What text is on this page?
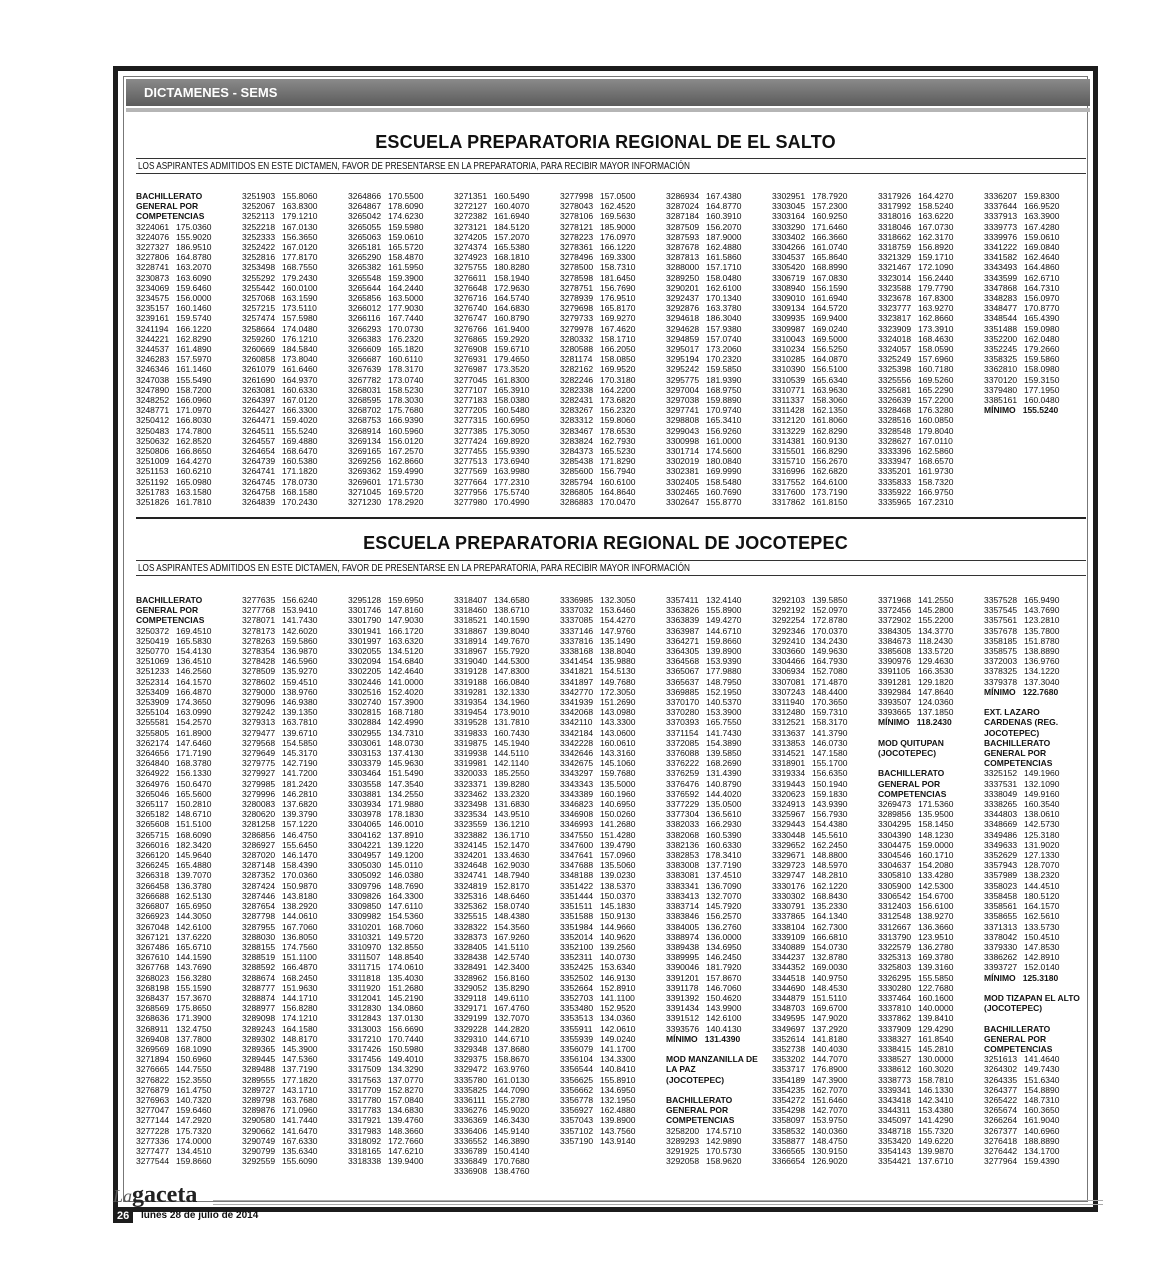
DICTAMENES - SEMS
ESCUELA PREPARATORIA REGIONAL DE EL SALTO
LOS ASPIRANTES ADMITIDOS EN ESTE DICTAMEN, FAVOR DE PRESENTARSE EN LA PREPARATORIA, PARA RECIBIR MAYOR INFORMACIÓN
BACHILLERATO
GENERAL POR
COMPETENCIAS
3224061 175.0360
3224076 155.9020
3227327 186.9510
3227806 164.8780
3228741 163.2070
3230873 163.6090
3234069 159.6460
3234575 156.0000
3235157 160.1460
3239161 159.5740
3241194 166.1220
3244221 162.8290
3244537 161.4890
3246283 157.5970
3246346 161.1460
3247038 155.5490
3247890 158.7200
3248252 166.0960
3248771 171.0970
3250412 166.8030
3250483 174.7800
3250632 162.8520
3250806 166.8650
3251009 164.4270
3251153 160.6210
3251192 165.0980
3251783 163.1580
3251826 161.7810
3251903 155.8060
3252067 163.8300
3252113 179.1210
3252218 167.0130
3252333 156.3650
3252422 167.0120
3252816 177.8170
3253498 168.7550
3255292 179.2430
3255442 160.0100
3257068 163.1590
3257215 173.5110
3257474 157.5980
3258664 174.0480
3259260 176.1210
3260669 184.5840
3260858 173.8040
3261079 161.6460
3261690 164.9370
3263081 160.6330
3264397 167.0120
3264427 166.3300
3264471 159.4020
3264511 155.5240
3264557 169.4880
3264654 168.6470
3264739 160.5380
3264741 171.1820
3264745 178.0730
3264758 168.1580
3264839 170.2430
3264866 170.5500
3264867 178.6090
3265042 174.6230
3265055 159.5980
3265063 159.0610
3265181 165.5720
3265290 158.4870
3265382 161.5950
3265548 159.3900
3265644 164.2440
3265856 163.5000
3266012 177.9030
3266116 167.7440
3266293 170.0730
3266383 176.2320
3266609 165.1820
3266687 160.6110
3267639 178.3170
3267782 173.0740
3268031 158.5230
3268595 178.3030
3268702 175.7680
3268753 166.9390
3268914 160.5960
3269134 156.0120
3269165 167.2570
3269256 162.8660
3269362 159.4990
3269601 171.5730
3271045 169.5720
3271230 178.2920
3271351 160.5490
3272127 160.4070
3272382 161.6940
3273121 184.5120
3274205 157.2070
3274374 165.5380
3274923 168.1810
3275755 180.8280
3276611 158.1940
3276648 172.9630
3276716 164.5740
3276740 164.6830
3276747 160.8790
3276766 161.9400
3276865 159.2920
3276908 159.6710
3276931 179.4650
3276987 173.3520
3277045 161.8300
3277107 165.3910
3277183 158.0380
3277205 160.5480
3277315 160.6950
3277385 175.3050
3277424 169.8920
3277455 155.9390
3277513 173.6940
3277569 163.9980
3277664 177.2310
3277956 175.5740
3277980 170.4990
3277998 157.0500
3278043 162.4520
3278106 169.5630
3278121 185.9000
3278223 176.0970
3278361 166.1220
3278496 169.3300
3278500 158.7310
3278598 181.6450
3278751 156.7690
3278939 176.9510
3279698 165.8170
3279733 169.9270
3279978 167.4620
3280332 158.1710
3280588 166.2050
3281174 158.0850
3282162 169.9520
3282246 170.3180
3282338 164.2200
3282431 173.6820
3283267 156.2320
3283312 159.8060
3283467 178.6530
3283824 162.7930
3284373 165.5230
3285438 171.8290
3285600 156.7940
3285794 160.6100
3286805 164.8640
3286883 170.0470
3286934 167.4380
3287024 164.8770
3287184 160.3910
3287509 156.2070
3287593 187.9000
3287678 162.4880
3287813 161.5860
3288000 157.1710
3289250 158.0480
3290201 162.6100
3292437 170.1340
3292876 163.3780
3294618 186.3040
3294628 157.9380
3294859 157.0740
3295017 173.2060
3295194 170.2320
3295242 159.5850
3295775 181.9390
3297004 168.9750
3297038 159.8890
3297741 170.9740
3298808 165.3410
3299043 156.9260
3300998 161.0000
3301714 174.5600
3302019 180.0840
3302381 169.9990
3302405 158.5480
3302465 160.7690
3302647 155.8770
3302951 178.7920
3303045 157.2300
3303164 160.9250
3303290 171.6460
3303402 166.3660
3304266 161.0740
3304537 165.8640
3305420 168.8990
3306719 167.0830
3308940 156.1590
3309010 161.6940
3309134 164.5720
3309935 169.9400
3309987 169.0240
3310043 169.5000
3310234 156.5250
3310285 164.0870
3310390 156.5100
3310539 165.6340
3310771 163.9630
3311337 158.3060
3311428 162.1350
3312120 161.8060
3313229 162.8290
3314381 160.9130
3315501 166.8290
3315710 156.2670
3316996 162.6820
3317552 164.6100
3317600 173.7190
3317862 161.8150
3317926 164.4270
3317992 158.5240
3318016 163.6220
3318046 167.0730
3318662 162.3170
3318759 156.8920
3321329 159.1710
3321467 172.1090
3323014 156.2440
3323588 179.7790
3323678 167.8300
3323777 163.9270
3323817 162.8660
3323909 173.3910
3324018 168.4630
3324057 158.0590
3325249 157.6960
3325398 160.7180
3325556 169.5260
3325681 165.2290
3326639 157.2200
3328468 176.3280
3328516 160.0850
3328548 179.8040
3328627 167.0110
3333396 162.5860
3333947 168.6570
3335201 161.9730
3335833 158.7320
3335922 166.9750
3335965 167.2310
3336207 159.8300
3337644 166.9520
3337913 163.3900
3339773 167.4280
3339976 159.0610
3341222 169.0840
3341582 162.4640
3343493 164.4860
3343599 162.6710
3347868 164.7310
3348283 156.0970
3348477 170.8770
3348544 165.4390
3351488 159.0980
3352200 162.0480
3352245 179.2660
3358325 159.5860
3362810 158.0980
3370120 159.3150
3379480 177.1950
3385161 160.0480
MÍNIMO   155.5240
ESCUELA PREPARATORIA REGIONAL DE JOCOTEPEC
LOS ASPIRANTES ADMITIDOS EN ESTE DICTAMEN, FAVOR DE PRESENTARSE EN LA PREPARATORIA, PARA RECIBIR MAYOR INFORMACIÓN
BACHILLERATO
GENERAL POR
COMPETENCIAS
3250372 169.4510
3250419 165.5830
3250770 154.4130
3251069 136.4510
3251233 146.2560
3252314 164.1570
3253409 166.4870
3253909 174.3650
3255104 163.0990
3255581 154.2570
3255805 161.8900
3262174 147.6460
3264656 171.7190
3264840 168.3780
3264922 156.1330
3264976 150.6470
3265046 165.5600
3265117 150.2810
3265182 148.6710
3265608 151.5100
3265715 168.6090
3266016 182.3420
3266120 145.9640
3266245 165.4880
3266318 139.7070
3266458 136.3780
3266688 162.5130
3266807 165.6950
3266923 144.3050
3267048 142.6100
3267121 137.6220
3267486 165.6710
3267610 144.1590
3267768 143.7690
3268023 156.3280
3268198 155.1590
3268437 157.3670
3268569 175.8650
3268636 171.3900
3268911 132.4750
3269408 137.7800
3269569 168.1090
3271894 150.6960
3276665 144.7550
3276822 152.3550
3276879 161.4750
3276963 140.7320
3277047 159.6460
3277144 147.2920
3277228 175.7320
3277336 174.0000
3277477 134.4510
3277544 159.8660
3277635 156.6240
3277768 153.9410
3278071 141.7430
3278173 142.6020
3278263 159.5860
3278354 136.9870
3278428 146.5960
3278509 135.9270
3278602 159.4510
3279000 138.9760
3279096 146.9380
3279242 139.1350
3279313 163.7810
3279477 139.6710
3279568 154.5850
3279649 145.3170
3279775 142.7190
3279927 141.7200
3279985 181.2420
3279996 146.2810
3280083 137.6820
3280620 139.3790
3281258 157.1220
3286856 146.4750
3286927 155.6450
3287020 146.1470
3287148 158.4390
3287352 170.0360
3287424 150.9870
3287446 143.8180
3287654 138.2920
3287798 144.0610
3287955 167.7060
3288030 136.8050
3288155 174.7560
3288519 151.1100
3288592 166.4870
3288674 168.2450
3288777 151.9630
3288874 144.1710
3288977 156.8280
3289098 174.1210
3289243 164.1580
3289302 148.8170
3289365 145.3900
3289445 147.5360
3289488 137.7190
3289555 177.1820
3289727 143.1710
3289798 163.7680
3289876 171.0960
3290580 141.7440
3290662 141.6470
3290749 167.6330
3290799 135.6340
3292559 155.6090
3295128 159.6950
3301746 147.8160
3301790 147.9030
3301941 166.1720
3301997 163.6320
3302055 134.5120
3302094 154.6840
3302205 142.4640
3302446 141.0000
3302516 152.4020
3302740 157.3900
3302815 168.7180
3302884 142.4990
3302955 134.7310
3303061 148.0730
3303153 137.4130
3303379 145.9630
3303464 151.5490
3303558 147.3540
3303881 134.2550
3303934 171.9880
3303978 178.1830
3304065 146.0010
3304162 137.8910
3304221 139.1220
3304957 149.1200
3305030 145.0110
3305092 146.0380
3309796 148.7690
3309826 164.3300
3309850 147.6110
3309982 154.5360
3310201 168.7060
3310321 149.5720
3310970 132.8550
3311507 148.8540
3311715 174.0610
3311818 135.4030
3311920 151.2680
3312041 145.2190
3312830 134.0860
3312843 137.0130
3313003 156.6690
3317210 170.7440
3317426 150.5980
3317456 149.4010
3317509 134.3290
3317563 137.0770
3317709 152.8270
3317780 157.0840
3317783 134.6830
3317921 139.4760
3317983 148.3660
3318092 172.7660
3318165 147.6210
3318338 139.9400
3318407 134.6580
3318460 138.6710
3318521 140.1590
3318867 139.8040
3318914 149.7670
3318967 155.7920
3319040 144.5300
3319128 147.8300
3319188 166.0840
3319281 132.1330
3319354 134.1960
3319454 173.9010
3319528 131.7810
3319833 160.7430
3319875 145.1940
3319938 144.5110
3319981 142.1140
3320033 185.2550
3323371 139.8280
3323462 133.2320
3323498 131.6830
3323534 143.9510
3323559 136.1210
3323882 136.1710
3324145 152.1470
3324201 133.4630
3324648 162.9030
3324741 148.7940
3324819 152.8170
3325316 148.6460
3325362 158.0740
3325515 148.4380
3328322 154.3560
3328373 167.9260
3328405 141.5110
3328438 142.5740
3328491 142.3400
3328962 156.8160
3329052 135.8290
3329118 149.6110
3329171 167.4760
3329199 132.7070
3329228 144.2820
3329310 144.6710
3329348 137.8680
3329375 158.8670
3329472 163.9760
3335780 161.0130
3335825 144.7090
3336111 155.2780
3336276 145.9020
3336369 146.3430
3336406 145.9140
3336552 146.3890
3336789 150.4140
3336849 170.7680
3336908 138.4760
3336985 132.3050
3337032 153.6460
3337085 154.4270
3337146 147.9760
3337816 135.1490
3338168 138.8040
3341454 135.9880
3341821 154.5130
3341897 149.7680
3342770 172.3050
3341939 151.2690
3342068 143.0980
3342110 143.3300
3342184 143.0600
3342228 160.0610
3342646 143.3160
3342675 145.1060
3343297 159.7680
3343343 135.5000
3343389 160.1960
3346823 140.6950
3346908 150.0260
3346993 141.2680
3347550 151.4280
3347600 139.4790
3347641 157.0960
3347688 135.5060
3348188 139.0230
3351422 138.5370
3351444 150.0370
3351511 145.1830
3351588 150.9130
3351984 144.9660
3352014 140.9620
3352100 139.2560
3352311 140.0730
3352425 153.6340
3352502 146.9130
3352664 152.8910
3352703 141.1100
3353480 152.9520
3353513 134.0360
3355911 142.0610
3355939 149.0240
3356079 141.1700
3356104 134.3300
3356544 140.8410
3356625 155.8910
3356662 134.6950
3356778 132.1950
3356927 162.4880
3357043 139.8900
3357102 143.7560
3357190 143.9140
3357411 132.4140
3363826 155.8900
3363839 149.4270
3363987 144.6710
3364271 159.8660
3364305 139.8900
3364568 153.9390
3365067 177.9880
3365637 148.7950
3369885 152.1950
3370170 140.5370
3370280 153.3900
3370393 165.7550
3371154 141.7430
3372085 154.3890
3376088 139.5850
3376222 168.2690
3376259 131.4390
3376476 140.8790
3376592 144.4020
3377229 135.0500
3377304 136.5610
3382033 166.2930
3382068 160.5390
3382136 160.6330
3382853 178.3410
3383008 137.7190
3383081 137.4510
3383341 136.7090
3383413 132.7070
3383714 145.7920
3383846 156.2570
3384005 136.2760
3388974 136.0000
3389438 134.6950
3389995 146.2450
3390046 181.7920
3391201 157.8670
3391178 146.7060
3391392 150.4620
3391434 143.9900
3391512 142.6100
3393576 140.4130
MÍNIMO   131.4390

MOD MANZANILLA DE
LA PAZ
(JOCOTEPEC)

BACHILLERATO
GENERAL POR
COMPETENCIAS
3258200 174.5710
3289293 142.9890
3291925 170.5730
3292058 158.9620
3292103 139.5850
3292192 152.0970
3292254 172.8780
3292346 170.0370
3292410 134.2430
3303660 149.9630
3304466 164.7930
3306934 152.7080
3307081 171.4870
3307243 148.4400
3311940 170.3650
3312480 159.7310
3312521 158.3170
3313637 141.3790
3313853 146.0730
3314521 147.1580
3318901 155.1700
3319334 156.6350
3319443 150.1940
3320623 159.1830
3324913 143.9390
3325967 156.7930
3329443 154.4380
3330448 145.5610
3329652 162.2450
3329671 148.8800
3329723 148.5970
3329747 148.2810
3330176 162.1220
3330302 168.8430
3330791 135.2330
3337865 164.1340
3338104 162.7300
3339109 166.6810
3340889 154.0730
3344237 132.8780
3344352 169.0030
3344518 140.9750
3344690 148.4530
3344879 151.5110
3348703 169.6700
3349595 147.9020
3349697 137.2920
3352614 141.8180
3352738 140.4030
3353202 144.7070
3353717 176.8900
3354189 147.3900
3354235 162.7070
3354272 151.6460
3354298 142.7070
3358097 153.9750
3358532 140.0360
3358877 148.4750
3366565 130.9150
3366654 126.9020
3371968 141.2550
3372456 145.2800
3372902 155.2200
3384305 134.3770
3384673 118.2430
3385608 133.5720
3390976 129.4630
3391105 166.3530
3391281 129.1820
3392984 147.8640
3393507 124.0360
3393665 137.1850
MÍNIMO   118.2430

MOD QUITUPAN
(JOCOTEPEC)

BACHILLERATO
GENERAL POR
COMPETENCIAS
3269473 171.5360
3289856 135.9500
3304295 158.1450
3304390 148.1230
3304475 159.0000
3304546 160.1710
3304637 154.2080
3305810 133.4280
3305900 142.5300
3306542 154.6700
3312403 156.6100
3312548 138.9270
3312667 136.3660
3313790 123.9510
3322579 136.2780
3325313 169.3780
3325803 139.3160
3326295 155.5850
3330280 122.7680
3337464 160.1600
3337810 140.0000
3337862 139.8410
3337909 129.4290
3338327 161.8540
3338415 145.2810
3338527 130.0000
3338612 160.3020
3338773 158.7810
3339341 146.1330
3343418 142.3410
3344311 153.4380
3345097 141.4290
3348718 155.7320
3353420 149.6220
3354143 139.9870
3354421 137.6710
3357528 165.9490
3357545 143.7690
3357561 123.2810
3357678 135.7800
3358185 151.8780
3358575 138.8890
3372003 136.9760
3378325 134.1220
3379378 137.3040
MÍNIMO   122.7680

EXT. LAZARO
CARDENAS (REG.
JOCOTEPEC)
BACHILLERATO
GENERAL POR
COMPETENCIAS
3325152 149.1960
3337531 132.1090
3338049 149.9160
3338265 160.3540
3344803 138.0610
3348669 142.5730
3349486 125.3180
3349633 131.9020
3352629 127.1330
3357943 128.7070
3357989 138.2320
3358023 144.4510
3358458 180.5120
3358561 164.1570
3358655 162.5610
3371313 133.5730
3378042 150.4510
3379330 147.8530
3386262 142.8910
3393727 152.0140
MÍNIMO   125.3180

MOD TIZAPAN EL ALTO
(JOCOTEPEC)

BACHILLERATO
GENERAL POR
COMPETENCIAS
3251613 141.4640
3264302 149.7430
3264335 151.6340
3264377 154.8890
3265422 148.7310
3265674 160.3650
3266264 161.9040
3267377 140.6960
3276418 188.8890
3276442 134.1700
3277964 159.4390
Lagaceta
26	lunes 28 de julio de 2014
